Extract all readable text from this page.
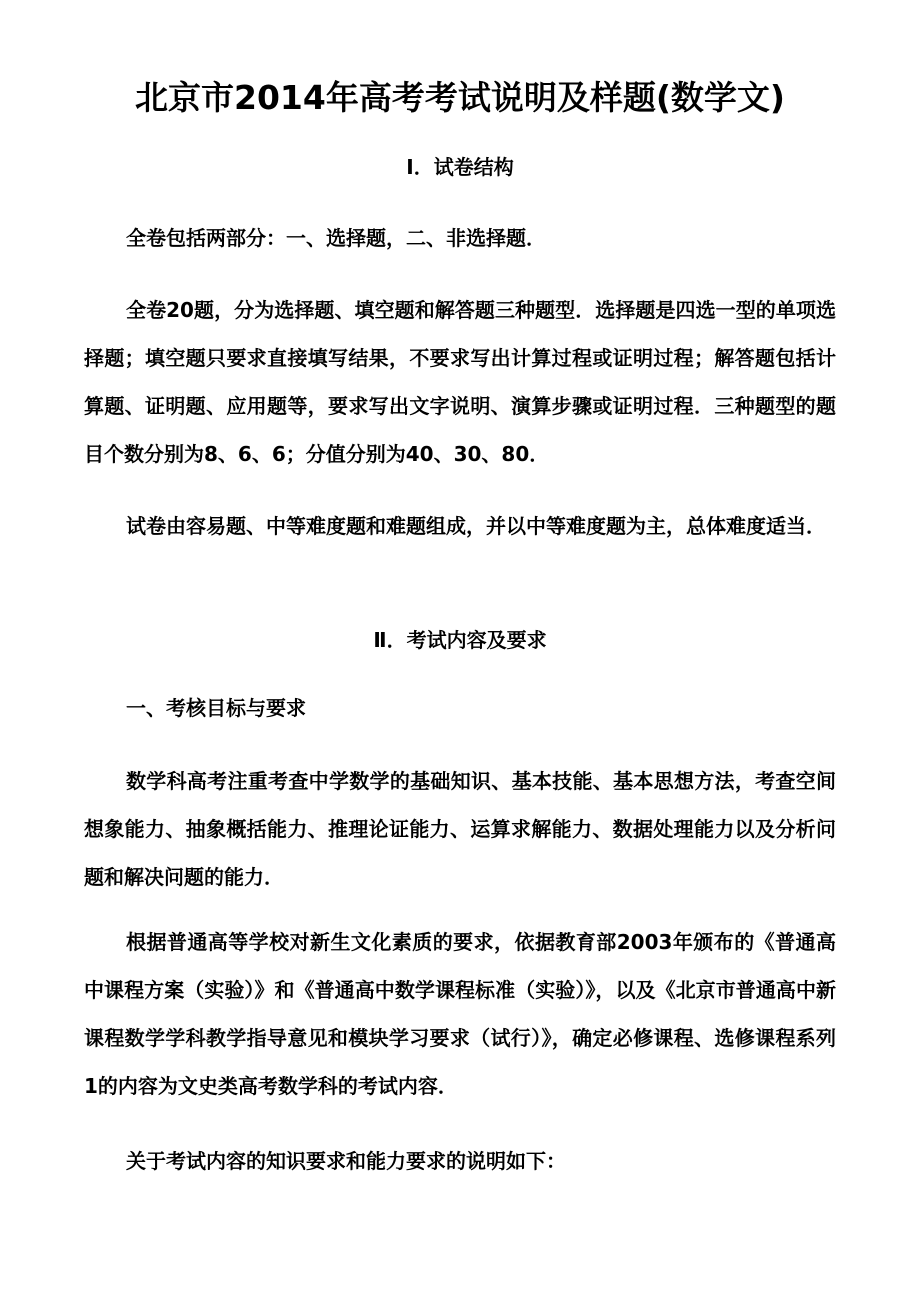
北京市2014年高考考试说明及样题(数学文)
Ⅰ．试卷结构

全卷包括两部分：一、选择题，二、非选择题．

全卷20题，分为选择题、填空题和解答题三种题型．选择题是四选一型的单项选择题；填空题只要求直接填写结果，不要求写出计算过程或证明过程；解答题包括计算题、证明题、应用题等，要求写出文字说明、演算步骤或证明过程．三种题型的题目个数分别为8、6、6；分值分别为40、30、80．

试卷由容易题、中等难度题和难题组成，并以中等难度题为主，总体难度适当．

Ⅱ．考试内容及要求

一、考核目标与要求

数学科高考注重考查中学数学的基础知识、基本技能、基本思想方法，考查空间想象能力、抽象概括能力、推理论证能力、运算求解能力、数据处理能力以及分析问题和解决问题的能力．

根据普通高等学校对新生文化素质的要求，依据教育部2003年颁布的《普通高中课程方案（实验）》和《普通高中数学课程标准（实验）》，以及《北京市普通高中新课程数学学科教学指导意见和模块学习要求（试行）》，确定必修课程、选修课程系列1的内容为文史类高考数学科的考试内容．

关于考试内容的知识要求和能力要求的说明如下：
